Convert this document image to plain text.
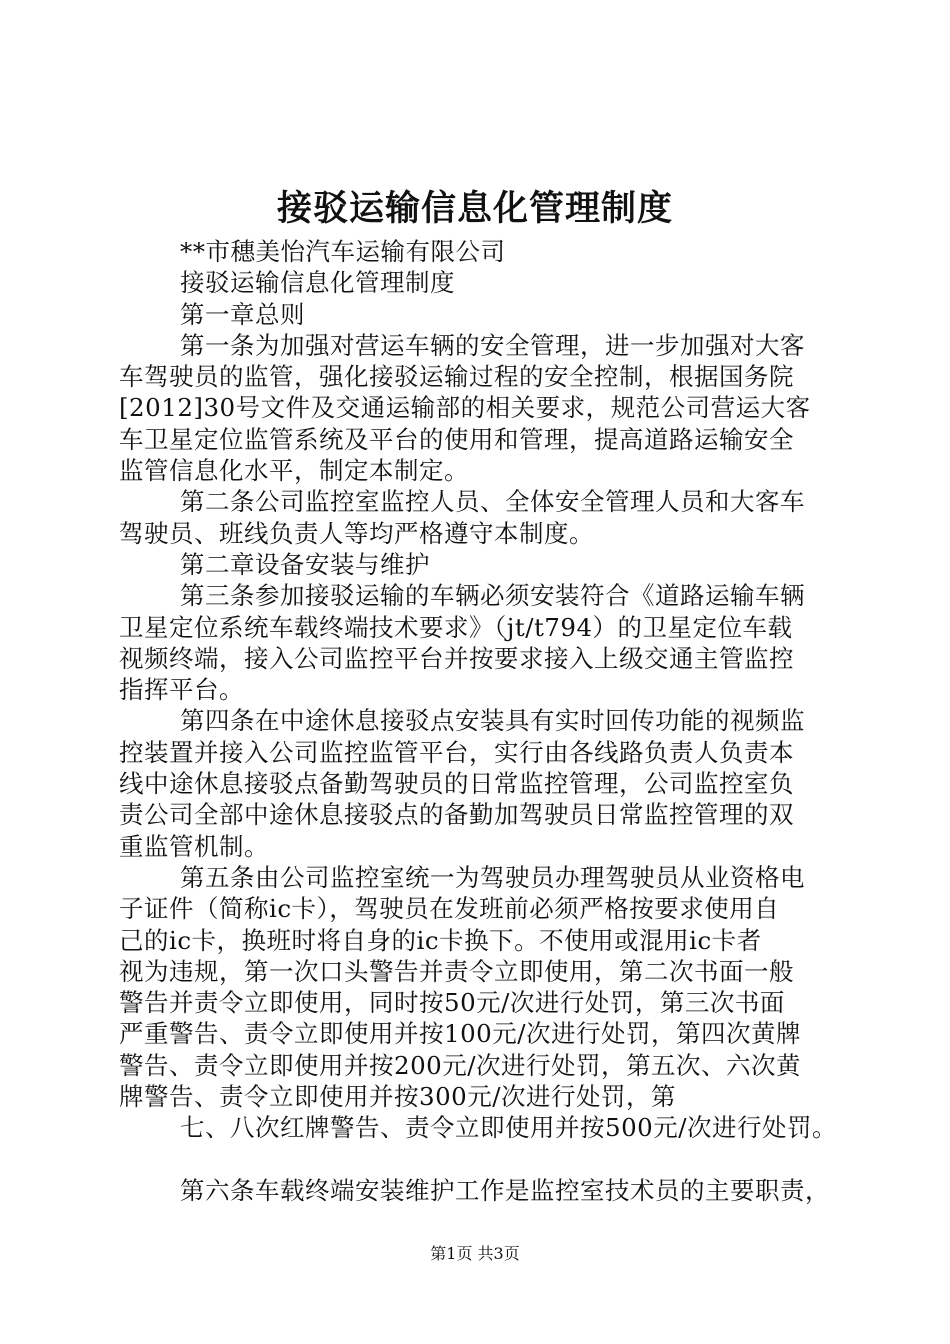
接驳运输信息化管理制度
**市穗美怡汽车运输有限公司
接驳运输信息化管理制度
第一章总则
第一条为加强对营运车辆的安全管理，进一步加强对大客
车驾驶员的监管，强化接驳运输过程的安全控制，根据国务院
[2012]30号文件及交通运输部的相关要求，规范公司营运大客
车卫星定位监管系统及平台的使用和管理，提高道路运输安全
监管信息化水平，制定本制定。
第二条公司监控室监控人员、全体安全管理人员和大客车
驾驶员、班线负责人等均严格遵守本制度。
第二章设备安装与维护
第三条参加接驳运输的车辆必须安装符合《道路运输车辆
卫星定位系统车载终端技术要求》（jt/t794）的卫星定位车载
视频终端，接入公司监控平台并按要求接入上级交通主管监控
指挥平台。
第四条在中途休息接驳点安装具有实时回传功能的视频监
控装置并接入公司监控监管平台，实行由各线路负责人负责本
线中途休息接驳点备勤驾驶员的日常监控管理，公司监控室负
责公司全部中途休息接驳点的备勤加驾驶员日常监控管理的双
重监管机制。
第五条由公司监控室统一为驾驶员办理驾驶员从业资格电
子证件（简称ic卡），驾驶员在发班前必须严格按要求使用自
己的ic卡，换班时将自身的ic卡换下。不使用或混用ic卡者
视为违规，第一次口头警告并责令立即使用，第二次书面一般
警告并责令立即使用，同时按50元/次进行处罚，第三次书面
严重警告、责令立即使用并按100元/次进行处罚，第四次黄牌
警告、责令立即使用并按200元/次进行处罚，第五次、六次黄
牌警告、责令立即使用并按300元/次进行处罚，第
七、八次红牌警告、责令立即使用并按500元/次进行处罚。
第六条车载终端安装维护工作是监控室技术员的主要职责，
第1页 共3页
